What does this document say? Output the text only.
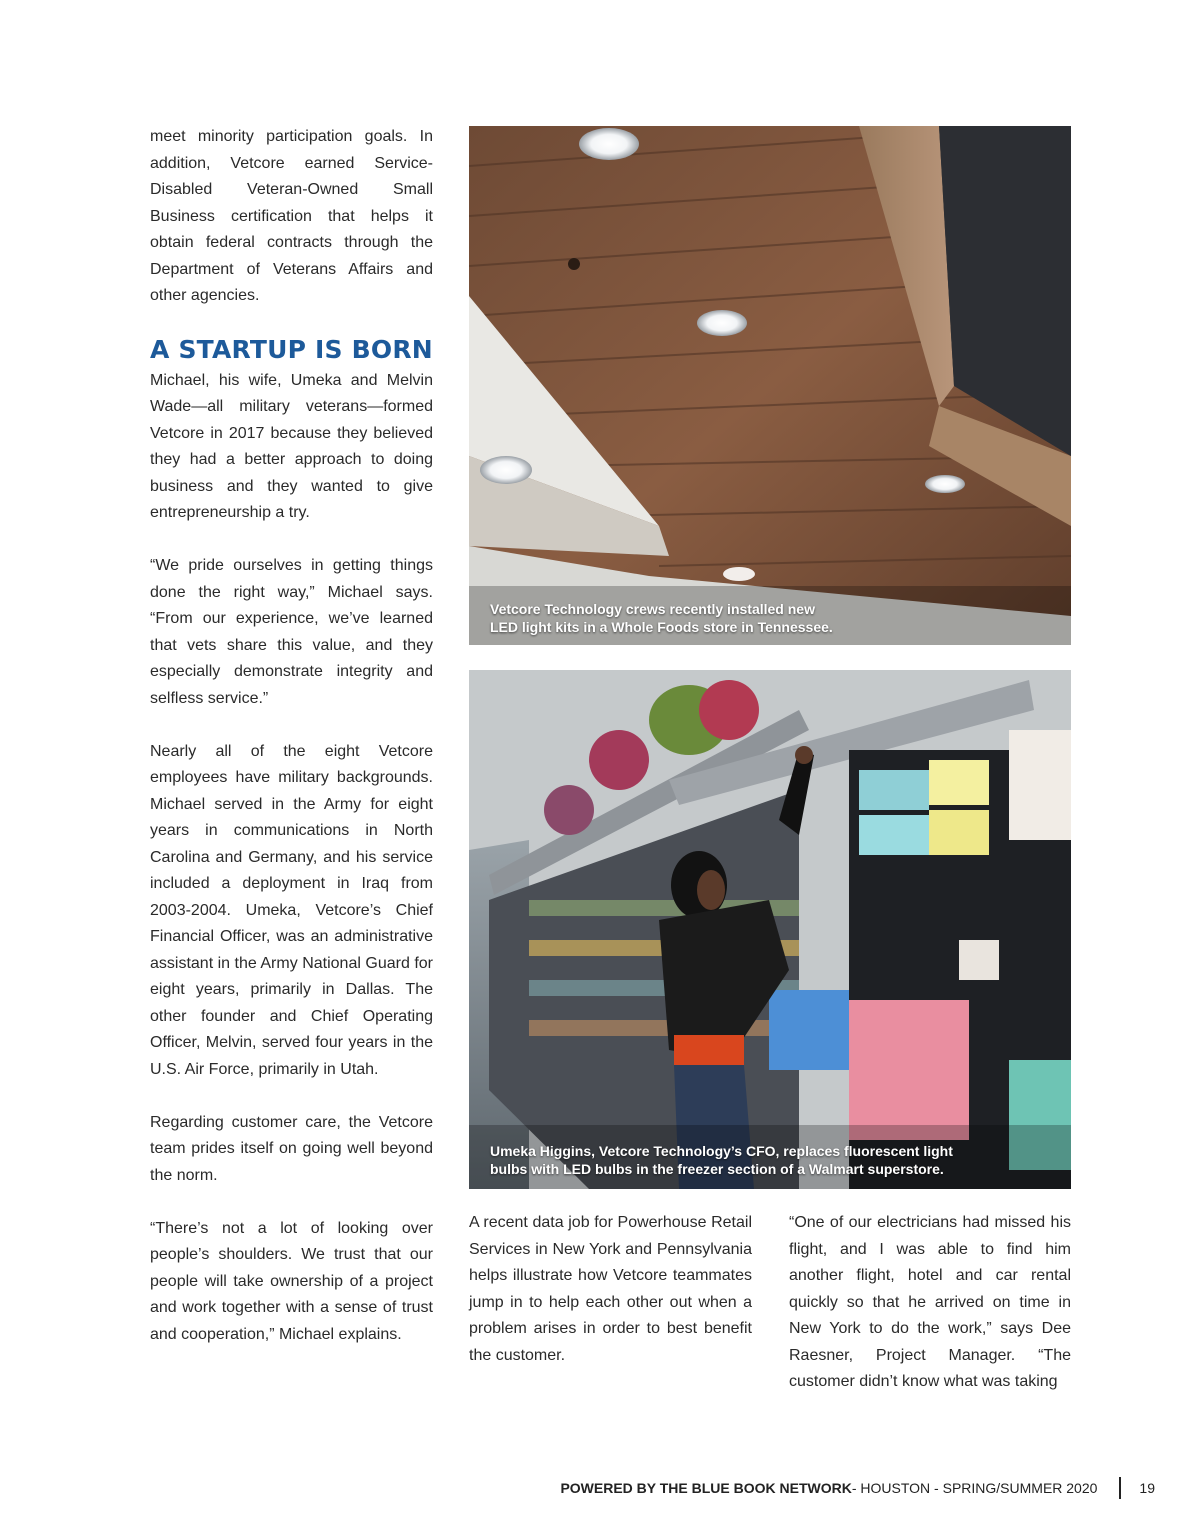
meet minority participation goals. In addition, Vetcore earned Service-Disabled Veteran-Owned Small Business certification that helps it obtain federal contracts through the Department of Veterans Affairs and other agencies.

A STARTUP IS BORN

Michael, his wife, Umeka and Melvin Wade—all military veterans—formed Vetcore in 2017 because they believed they had a better approach to doing business and they wanted to give entrepreneurship a try.

“We pride ourselves in getting things done the right way,” Michael says. “From our experience, we’ve learned that vets share this value, and they especially demonstrate integrity and selfless service.”

Nearly all of the eight Vetcore employees have military backgrounds. Michael served in the Army for eight years in communications in North Carolina and Germany, and his service included a deployment in Iraq from 2003-2004. Umeka, Vetcore’s Chief Financial Officer, was an administrative assistant in the Army National Guard for eight years, primarily in Dallas. The other founder and Chief Operating Officer, Melvin, served four years in the U.S. Air Force, primarily in Utah.

Regarding customer care, the Vetcore team prides itself on going well beyond the norm.

“There’s not a lot of looking over people’s shoulders. We trust that our people will take ownership of a project and work together with a sense of trust and cooperation,” Michael explains.

Vetcore Technology crews recently installed new
LED light kits in a Whole Foods store in Tennessee.
Umeka Higgins, Vetcore Technology’s CFO, replaces fluorescent light
bulbs with LED bulbs in the freezer section of a Walmart superstore.

A recent data job for Powerhouse Retail Services in New York and Pennsylvania helps illustrate how Vetcore teammates jump in to help each other out when a problem arises in order to best benefit the customer.

“One of our electricians had missed his flight, and I was able to find him another flight, hotel and car rental quickly so that he arrived on time in New York to do the work,” says Dee Raesner, Project Manager. “The customer didn’t know what was taking

POWERED BY THE BLUE BOOK NETWORK - HOUSTON - SPRING/SUMMER 2020	19
